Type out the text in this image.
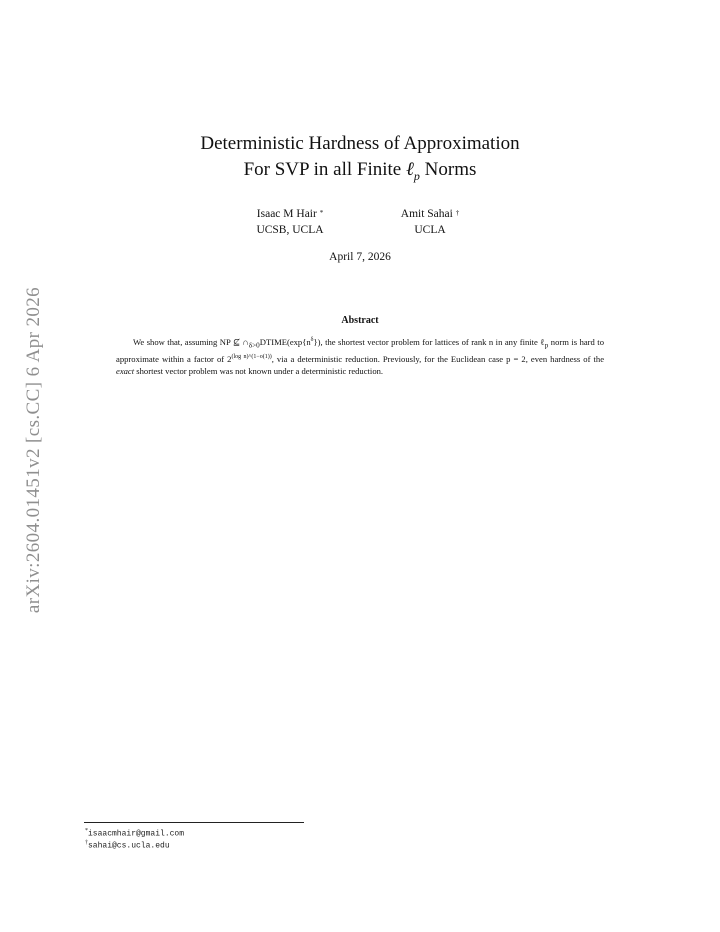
arXiv:2604.01451v2 [cs.CC] 6 Apr 2026
Deterministic Hardness of Approximation
For SVP in all Finite ℓ$_p$ Norms
Isaac M Hair *
UCSB, UCLA
Amit Sahai †
UCLA
April 7, 2026
Abstract
We show that, assuming NP ⊈ $\cap_{\delta>0}DTIME(\exp\{n^\delta\})$, the shortest vector problem for lattices of rank n in any finite ℓ$_p$ norm is hard to approximate within a factor of $2^{(log n)\^{}(1-o(1))}$, via a deterministic reduction. Previously, for the Euclidean case p = 2, even hardness of the exact shortest vector problem was not known under a deterministic reduction.
*isaacmhair@gmail.com
†sahai@cs.ucla.edu
